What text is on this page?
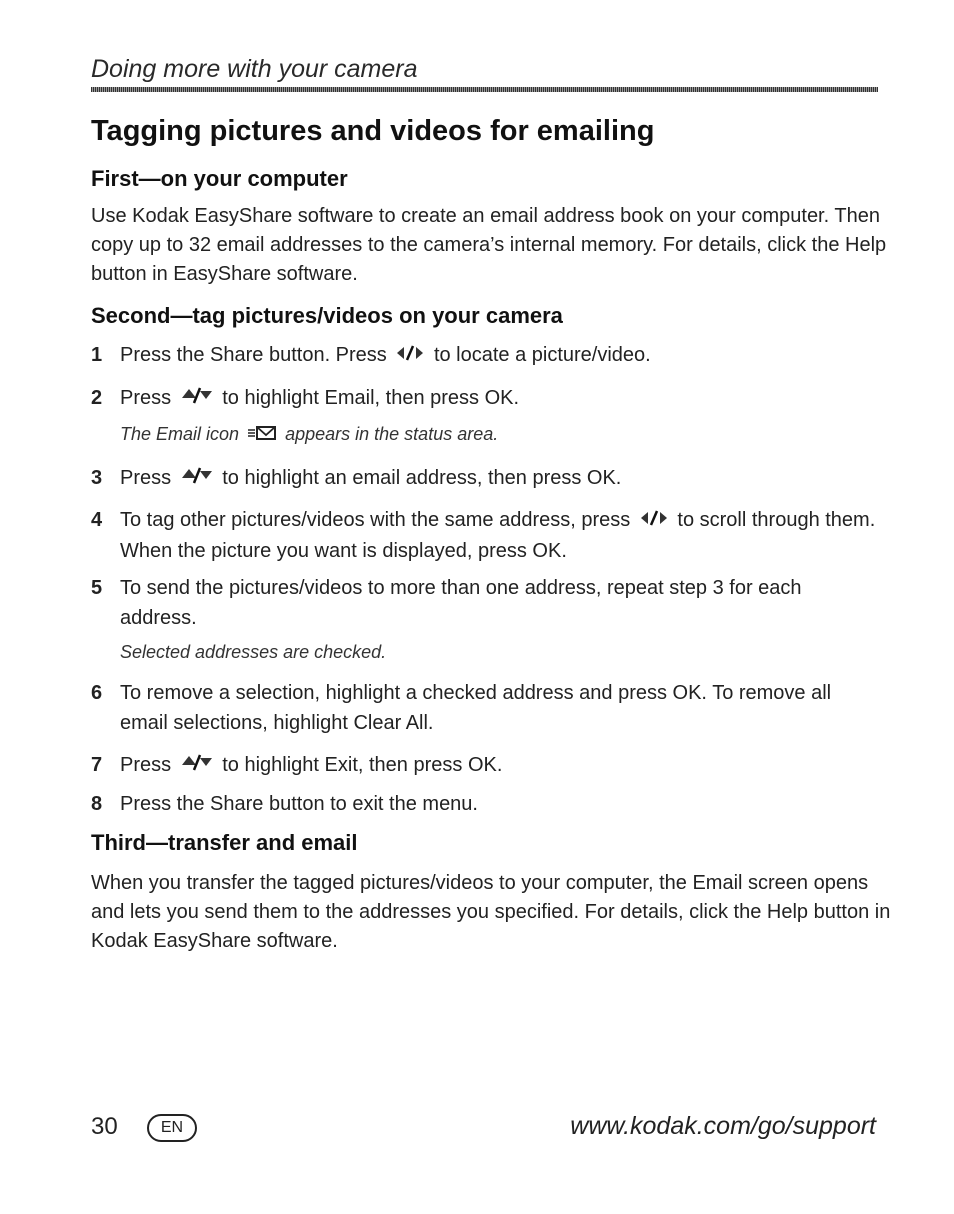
Doing more with your camera
Tagging pictures and videos for emailing
First—on your computer

Use Kodak EasyShare software to create an email address book on your computer. Then copy up to 32 email addresses to the camera’s internal memory. For details, click the Help button in EasyShare software.

Second—tag pictures/videos on your camera
1 Press the Share button. Press to locate a picture/video.
2 Press	to highlight Email, then press OK.
The Email icon	appears in the status area.
3 Press	to highlight an email address, then press OK.
4 To tag other pictures/videos with the same address, press to scroll through them. When the picture you want is displayed, press OK.
5 To send the pictures/videos to more than one address, repeat step 3 for each address.
Selected addresses are checked.
6 To remove a selection, highlight a checked address and press OK. To remove all email selections, highlight Clear All.
7 Press	to highlight Exit, then press OK.
8 Press the Share button to exit the menu.
Third—transfer and email

When you transfer the tagged pictures/videos to your computer, the Email screen opens and lets you send them to the addresses you specified. For details, click the Help button in Kodak EasyShare software.

30	EN	www.kodak.com/go/support
